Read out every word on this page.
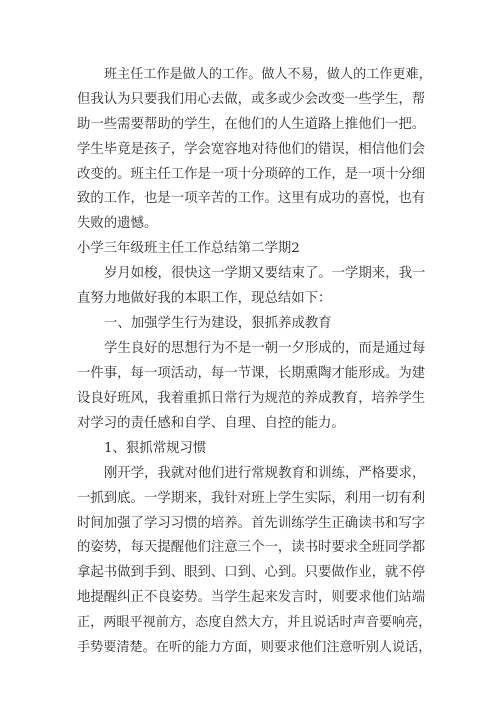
班主任工作是做人的工作。做人不易，做人的工作更难，
但我认为只要我们用心去做，或多或少会改变一些学生，帮
助一些需要帮助的学生，在他们的人生道路上推他们一把。
学生毕竟是孩子，学会宽容地对待他们的错误，相信他们会
改变的。班主任工作是一项十分琐碎的工作，是一项十分细
致的工作，也是一项辛苦的工作。这里有成功的喜悦，也有
失败的遗憾。
小学三年级班主任工作总结第二学期2
岁月如梭，很快这一学期又要结束了。一学期来，我一
直努力地做好我的本职工作，现总结如下：
一、加强学生行为建设，狠抓养成教育
学生良好的思想行为不是一朝一夕形成的，而是通过每
一件事，每一项活动，每一节课，长期熏陶才能形成。为建
设良好班风，我着重抓日常行为规范的养成教育，培养学生
对学习的责任感和自学、自理、自控的能力。
1、狠抓常规习惯
刚开学，我就对他们进行常规教育和训练，严格要求，
一抓到底。一学期来，我针对班上学生实际，利用一切有利
时间加强了学习习惯的培养。首先训练学生正确读书和写字
的姿势，每天提醒他们注意三个一，读书时要求全班同学都
拿起书做到手到、眼到、口到、心到。只要做作业，就不停
地提醒纠正不良姿势。当学生起来发言时，则要求他们站端
正，两眼平视前方，态度自然大方，并且说话时声音要响亮，
手势要清楚。在听的能力方面，则要求他们注意听别人说话，
